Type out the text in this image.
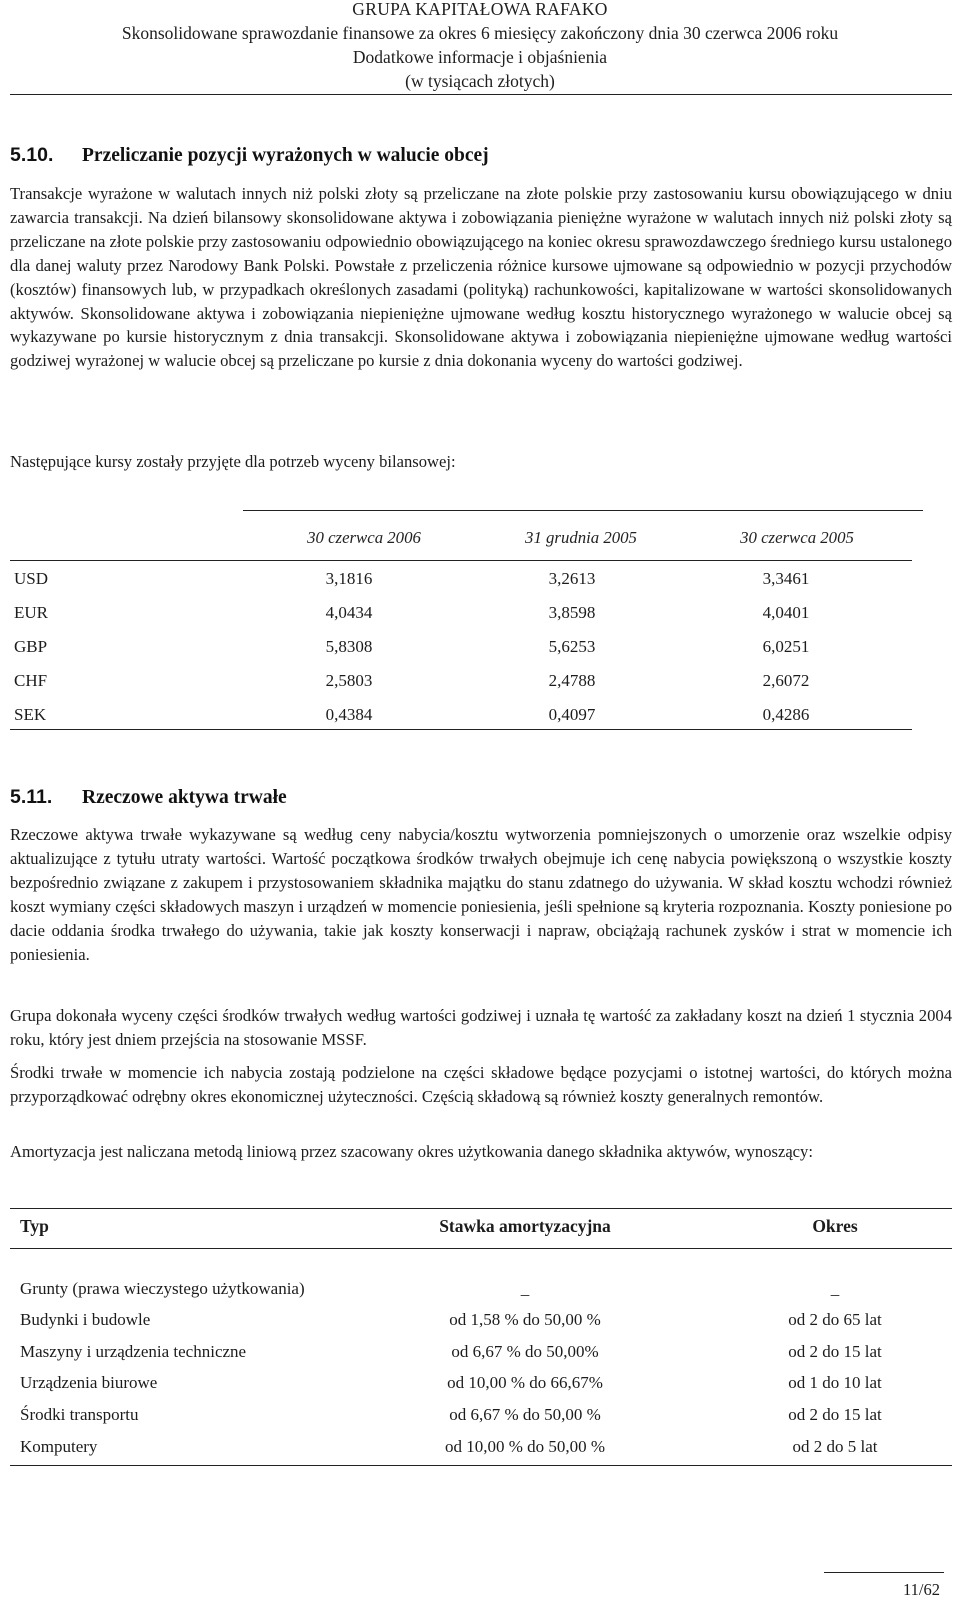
GRUPA KAPITAŁOWA RAFAKO
Skonsolidowane sprawozdanie finansowe za okres 6 miesięcy zakończony dnia 30 czerwca 2006 roku
Dodatkowe informacje i objaśnienia
(w tysiącach złotych)
5.10. Przeliczanie pozycji wyrażonych w walucie obcej
Transakcje wyrażone w walutach innych niż polski złoty są przeliczane na złote polskie przy zastosowaniu kursu obowiązującego w dniu zawarcia transakcji. Na dzień bilansowy skonsolidowane aktywa i zobowiązania pieniężne wyrażone w walutach innych niż polski złoty są przeliczane na złote polskie przy zastosowaniu odpowiednio obowiązującego na koniec okresu sprawozdawczego średniego kursu ustalonego dla danej waluty przez Narodowy Bank Polski. Powstałe z przeliczenia różnice kursowe ujmowane są odpowiednio w pozycji przychodów (kosztów) finansowych lub, w przypadkach określonych zasadami (polityką) rachunkowości, kapitalizowane w wartości skonsolidowanych aktywów. Skonsolidowane aktywa i zobowiązania niepieniężne ujmowane według kosztu historycznego wyrażonego w walucie obcej są wykazywane po kursie historycznym z dnia transakcji. Skonsolidowane aktywa i zobowiązania niepieniężne ujmowane według wartości godziwej wyrażonej w walucie obcej są przeliczane po kursie z dnia dokonania wyceny do wartości godziwej.
Następujące kursy zostały przyjęte dla potrzeb wyceny bilansowej:
30 czerwca 2006	31 grudnia 2005	30 czerwca 2005
USD	3,1816	3,2613	3,3461
EUR	4,0434	3,8598	4,0401
GBP	5,8308	5,6253	6,0251
CHF	2,5803	2,4788	2,6072
SEK	0,4384	0,4097	0,4286
5.11. Rzeczowe aktywa trwałe
Rzeczowe aktywa trwałe wykazywane są według ceny nabycia/kosztu wytworzenia pomniejszonych o umorzenie oraz wszelkie odpisy aktualizujące z tytułu utraty wartości. Wartość początkowa środków trwałych obejmuje ich cenę nabycia powiększoną o wszystkie koszty bezpośrednio związane z zakupem i przystosowaniem składnika majątku do stanu zdatnego do używania. W skład kosztu wchodzi również koszt wymiany części składowych maszyn i urządzeń w momencie poniesienia, jeśli spełnione są kryteria rozpoznania. Koszty poniesione po dacie oddania środka trwałego do używania, takie jak koszty konserwacji i napraw, obciążają rachunek zysków i strat w momencie ich poniesienia.
Grupa dokonała wyceny części środków trwałych według wartości godziwej i uznała tę wartość za zakładany koszt na dzień 1 stycznia 2004 roku, który jest dniem przejścia na stosowanie MSSF.
Środki trwałe w momencie ich nabycia zostają podzielone na części składowe będące pozycjami o istotnej wartości, do których można przyporządkować odrębny okres ekonomicznej użyteczności. Częścią składową są również koszty generalnych remontów.
Amortyzacja jest naliczana metodą liniową przez szacowany okres użytkowania danego składnika aktywów, wynoszący:
Typ	Stawka amortyzacyjna	Okres
Grunty (prawa wieczystego użytkowania)	_	_
Budynki i budowle	od 1,58 % do 50,00 %	od 2 do 65 lat
Maszyny i urządzenia techniczne	od 6,67 % do 50,00%	od 2 do 15 lat
Urządzenia biurowe	od 10,00 % do 66,67%	od 1 do 10 lat
Środki transportu	od 6,67 % do 50,00 %	od 2 do 15 lat
Komputery	od 10,00 % do 50,00 %	od 2 do 5 lat
11/62
